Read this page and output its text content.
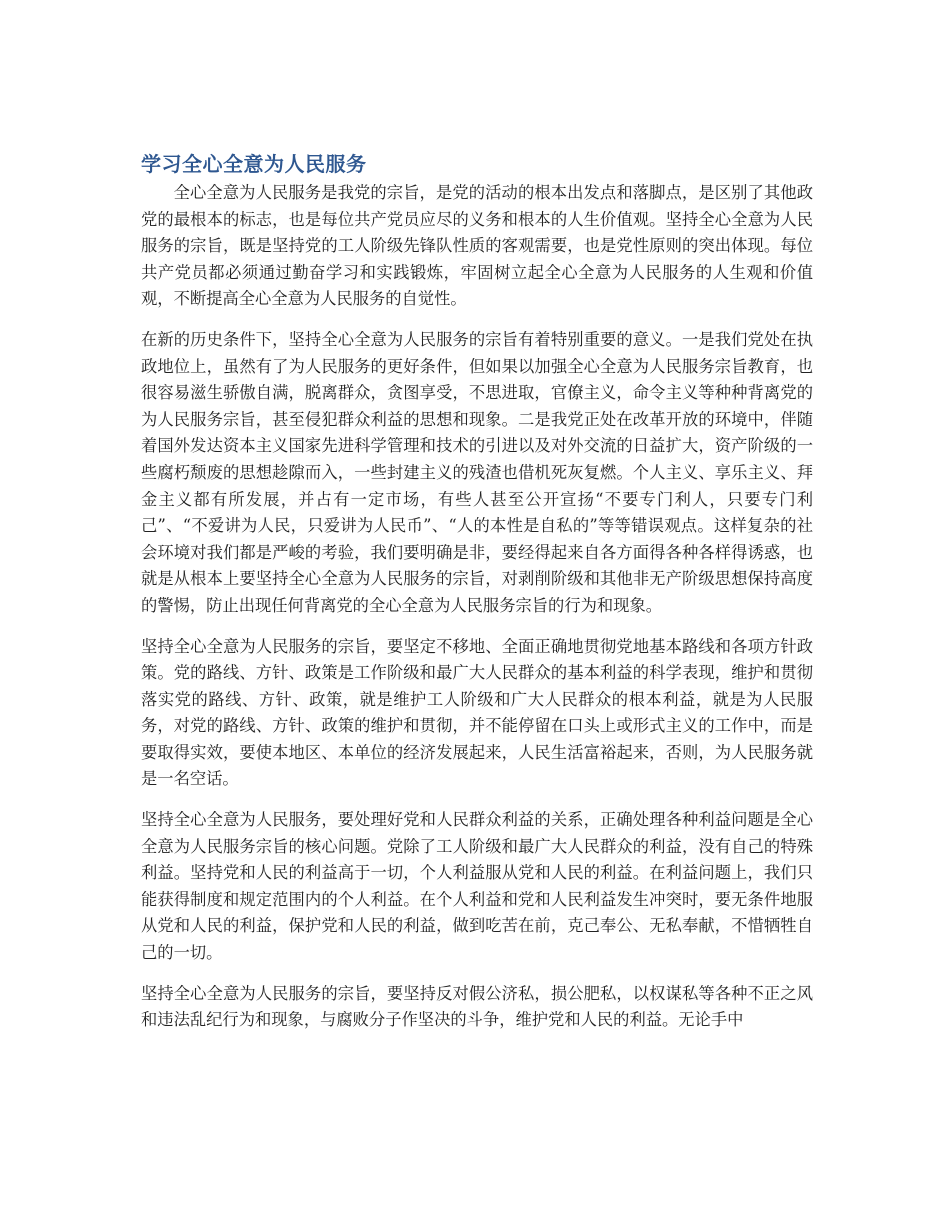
学习全心全意为人民服务

全心全意为人民服务是我党的宗旨，是党的活动的根本出发点和落脚点，是区别了其他政党的最根本的标志，也是每位共产党员应尽的义务和根本的人生价值观。坚持全心全意为人民服务的宗旨，既是坚持党的工人阶级先锋队性质的客观需要，也是党性原则的突出体现。每位共产党员都必须通过勤奋学习和实践锻炼，牢固树立起全心全意为人民服务的人生观和价值观，不断提高全心全意为人民服务的自觉性。

在新的历史条件下，坚持全心全意为人民服务的宗旨有着特别重要的意义。一是我们党处在执政地位上，虽然有了为人民服务的更好条件，但如果以加强全心全意为人民服务宗旨教育，也很容易滋生骄傲自满，脱离群众，贪图享受，不思进取，官僚主义，命令主义等种种背离党的为人民服务宗旨，甚至侵犯群众利益的思想和现象。二是我党正处在改革开放的环境中，伴随着国外发达资本主义国家先进科学管理和技术的引进以及对外交流的日益扩大，资产阶级的一些腐朽颓废的思想趁隙而入，一些封建主义的残渣也借机死灰复燃。个人主义、享乐主义、拜金主义都有所发展，并占有一定市场，有些人甚至公开宣扬“不要专门利人，只要专门利己”、“不爱讲为人民，只爱讲为人民币”、“人的本性是自私的”等等错误观点。这样复杂的社会环境对我们都是严峻的考验，我们要明确是非，要经得起来自各方面得各种各样得诱惑，也就是从根本上要坚持全心全意为人民服务的宗旨，对剥削阶级和其他非无产阶级思想保持高度的警惕，防止出现任何背离党的全心全意为人民服务宗旨的行为和现象。

坚持全心全意为人民服务的宗旨，要坚定不移地、全面正确地贯彻党地基本路线和各项方针政策。党的路线、方针、政策是工作阶级和最广大人民群众的基本利益的科学表现，维护和贯彻落实党的路线、方针、政策，就是维护工人阶级和广大人民群众的根本利益，就是为人民服务，对党的路线、方针、政策的维护和贯彻，并不能停留在口头上或形式主义的工作中，而是要取得实效，要使本地区、本单位的经济发展起来，人民生活富裕起来，否则，为人民服务就是一名空话。

坚持全心全意为人民服务，要处理好党和人民群众利益的关系，正确处理各种利益问题是全心全意为人民服务宗旨的核心问题。党除了工人阶级和最广大人民群众的利益，没有自己的特殊利益。坚持党和人民的利益高于一切，个人利益服从党和人民的利益。在利益问题上，我们只能获得制度和规定范围内的个人利益。在个人利益和党和人民利益发生冲突时，要无条件地服从党和人民的利益，保护党和人民的利益，做到吃苦在前，克己奉公、无私奉献，不惜牺牲自己的一切。

坚持全心全意为人民服务的宗旨，要坚持反对假公济私，损公肥私，以权谋私等各种不正之风和违法乱纪行为和现象，与腐败分子作坚决的斗争，维护党和人民的利益。无论手中
